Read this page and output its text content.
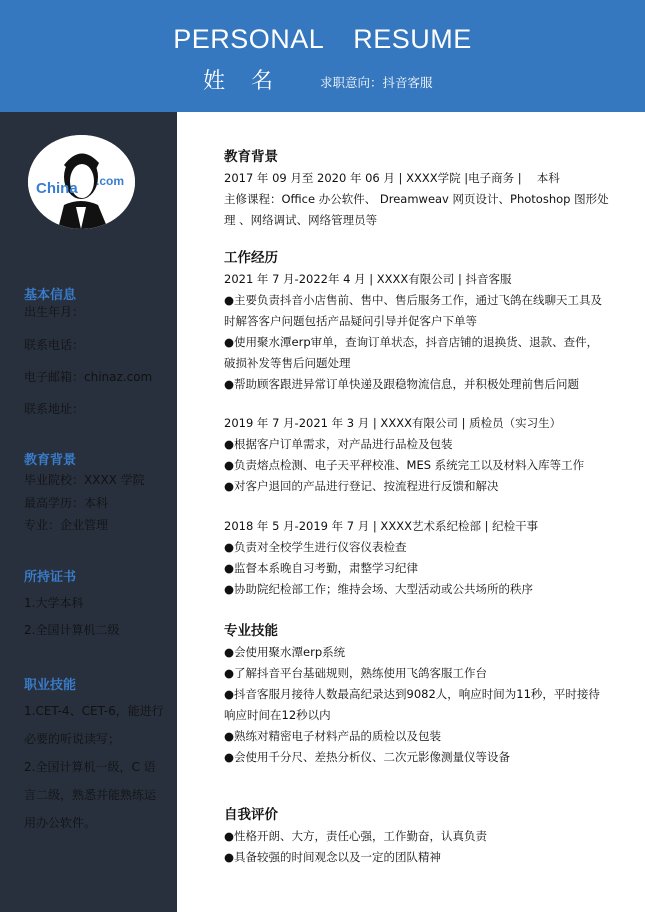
PERSONAL RESUME
姓名 求职意向：抖音客服
China .com
基本信息
出生年月：
联系电话：
电子邮箱：chinaz.com
联系地址：
教育背景
毕业院校：XXXX 学院
最高学历：本科
专业：企业管理
所持证书
1.大学本科
2.全国计算机二级
职业技能
1.CET-4、CET-6，能进行
必要的听说读写；
2.全国计算机一级，C 语
言二级，熟悉并能熟练运
用办公软件。
教育背景
2017 年 09 月至 2020 年 06 月 | XXXX学院 |电子商务 |　 本科
主修课程：Office 办公软件、 Dreamweav 网页设计、Photoshop 图形处理 、网络调试、网络管理员等
工作经历
2021 年 7 月-2022年 4 月 | XXXX有限公司 | 抖音客服
●主要负责抖音小店售前、售中、售后服务工作，通过飞鸽在线聊天工具及时解答客户问题包括产品疑问引导并促客户下单等
●使用聚水潭erp审单，查询订单状态，抖音店铺的退换货、退款、查件，破损补发等售后问题处理
●帮助顾客跟进异常订单快递及跟稳物流信息，并积极处理前售后问题
2019 年 7 月-2021 年 3 月 | XXXX有限公司 | 质检员（实习生）
●根据客户订单需求，对产品进行品检及包装
●负责熔点检测、电子天平秤校准、MES 系统完工以及材料入库等工作
●对客户退回的产品进行登记、按流程进行反馈和解决
2018 年 5 月-2019 年 7 月 | XXXX艺术系纪检部 | 纪检干事
●负责对全校学生进行仪容仪表检查
●监督本系晚自习考勤，肃整学习纪律
●协助院纪检部工作；维持会场、大型活动或公共场所的秩序
专业技能
●会使用聚水潭erp系统
●了解抖音平台基础规则，熟练使用飞鸽客服工作台
●抖音客服月接待人数最高纪录达到9082人，响应时间为11秒，平时接待响应时间在12秒以内
●熟练对精密电子材料产品的质检以及包装
●会使用千分尺、差热分析仪、二次元影像测量仪等设备
自我评价
●性格开朗、大方，责任心强，工作勤奋，认真负责
●具备较强的时间观念以及一定的团队精神
